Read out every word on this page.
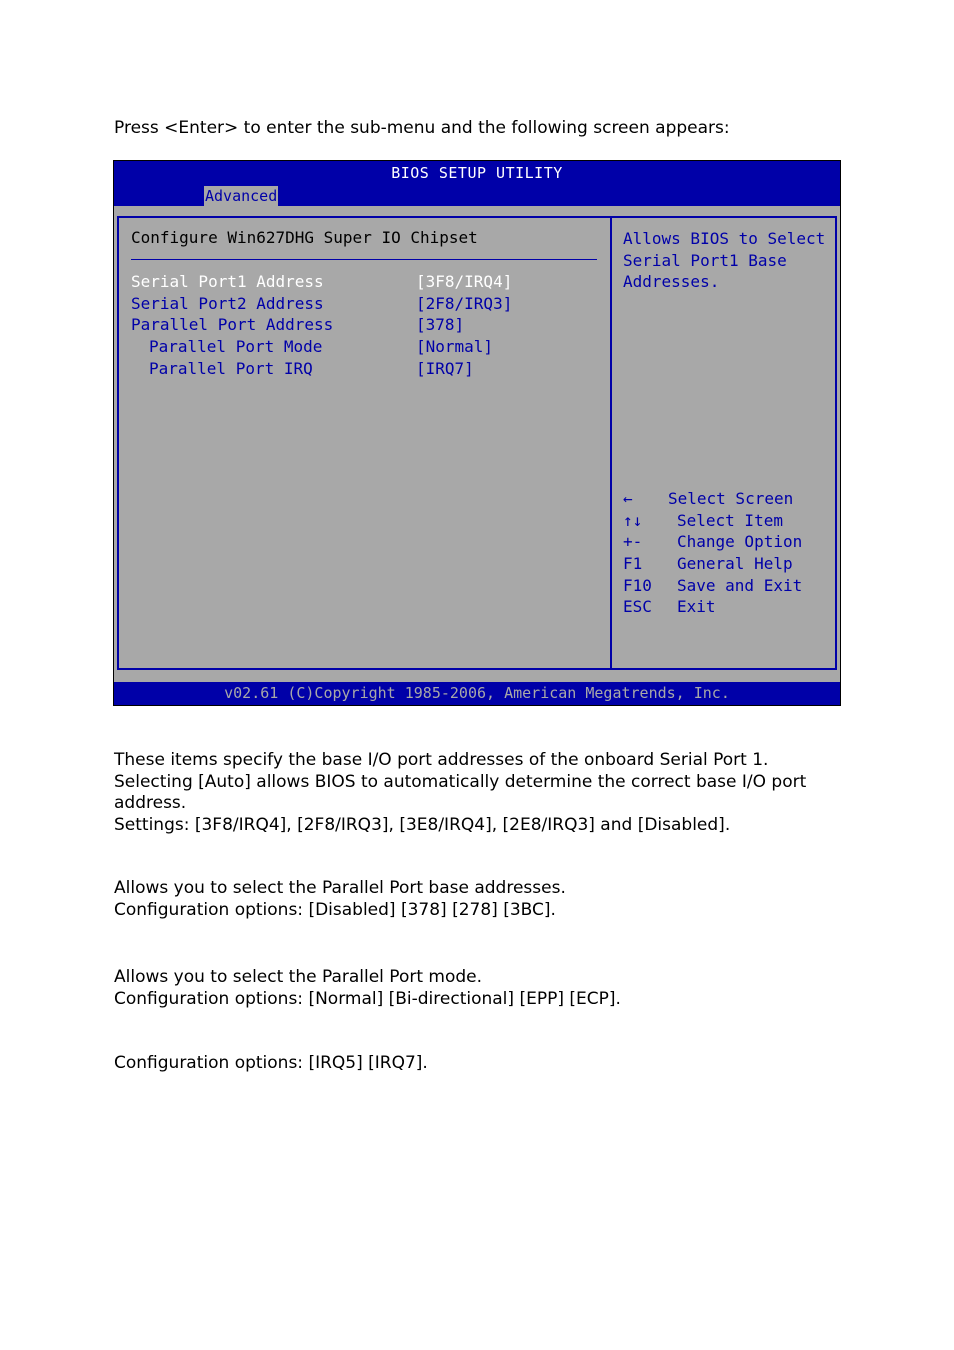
Press <Enter> to enter the sub-menu and the following screen appears:

BIOS SETUP UTILITY
Advanced
Configure Win627DHG Super IO Chipset
Serial Port1 Address	[3F8/IRQ4]
Serial Port2 Address	[2F8/IRQ3]
Parallel Port Address	[378]
Parallel Port Mode	[Normal]
Parallel Port IRQ	[IRQ7]
Allows BIOS to Select
Serial Port1 Base
Addresses.
← Select Screen
↑↓ Select Item
+- Change Option
F1 General Help
F10 Save and Exit
ESC Exit
v02.61 (C)Copyright 1985-2006, American Megatrends, Inc.
These items specify the base I/O port addresses of the onboard Serial Port 1.
Selecting [Auto] allows BIOS to automatically determine the correct base I/O port
address.
Settings: [3F8/IRQ4], [2F8/IRQ3], [3E8/IRQ4], [2E8/IRQ3] and [Disabled].
Allows you to select the Parallel Port base addresses.
Configuration options: [Disabled] [378] [278] [3BC].
Allows you to select the Parallel Port mode.
Configuration options: [Normal] [Bi-directional] [EPP] [ECP].
Configuration options: [IRQ5] [IRQ7].
